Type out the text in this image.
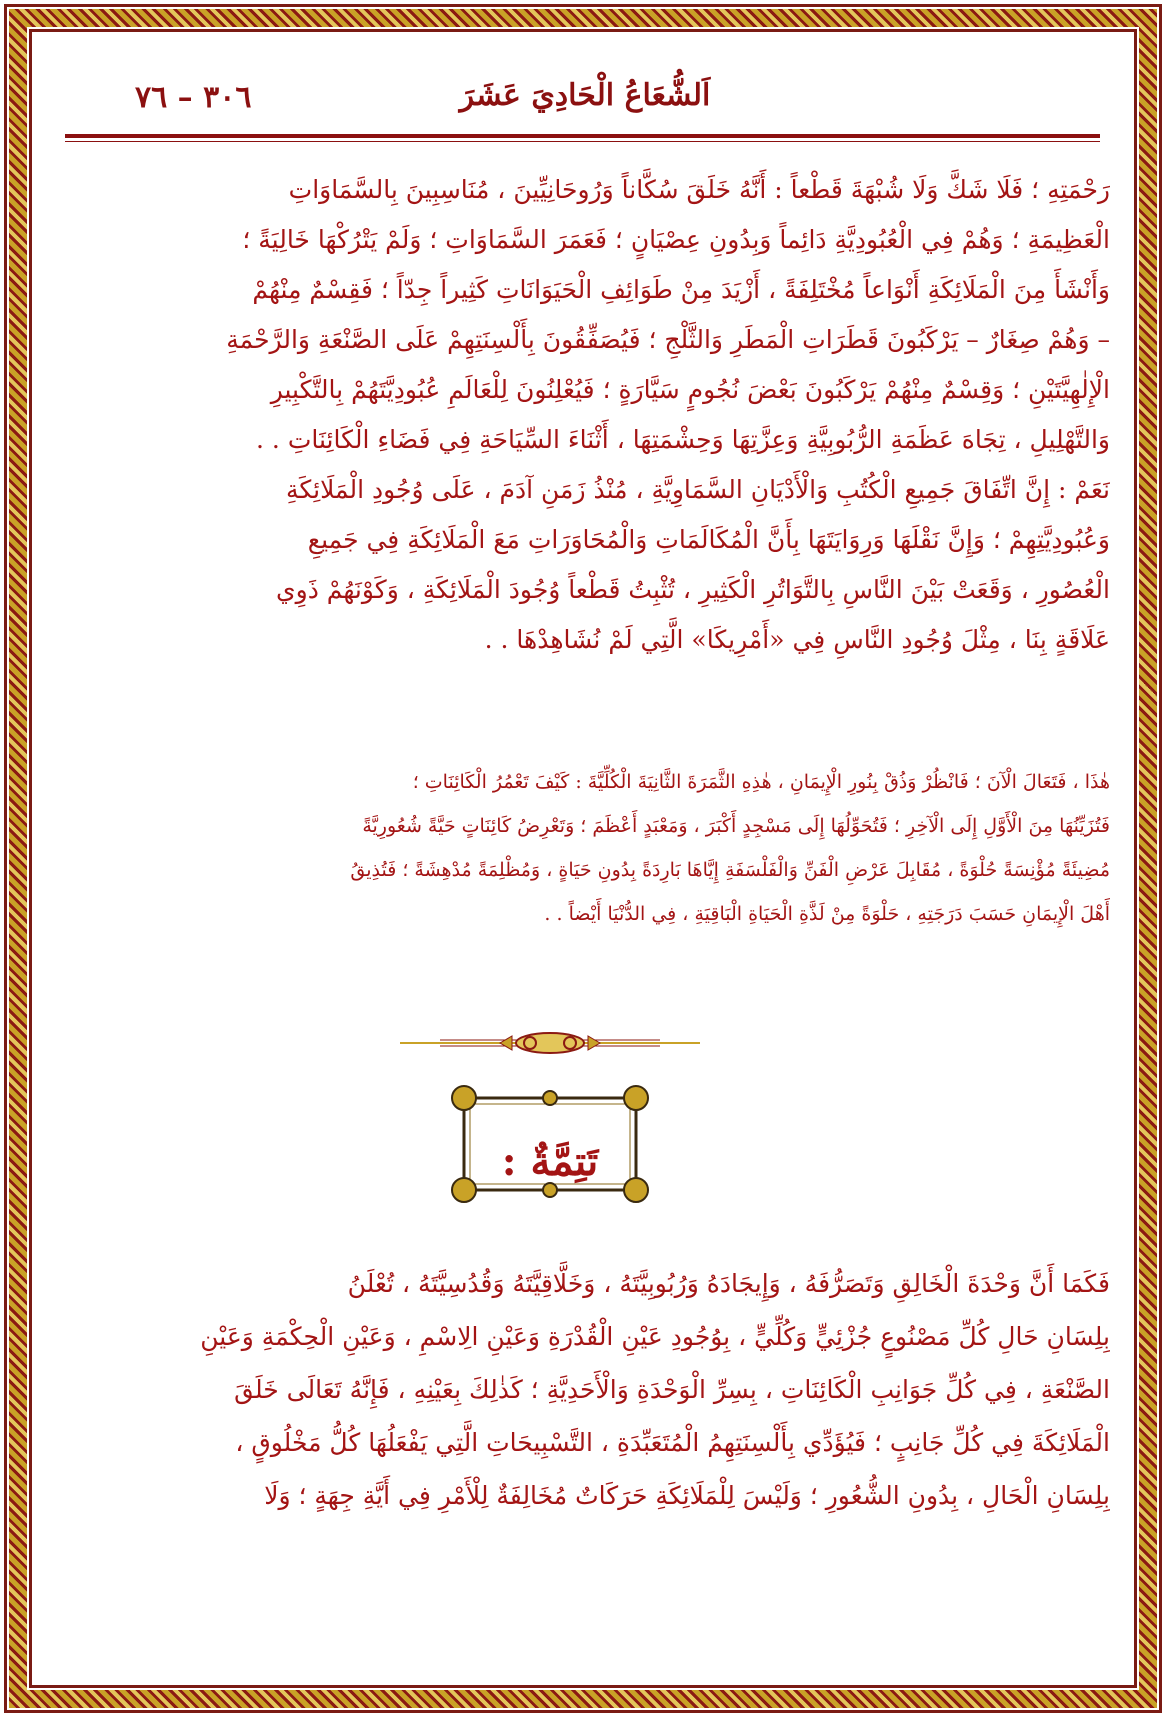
اَلشُّعَاعُ الْحَادِيَ عَشَرَ
٣٠٦ – ٧٦
رَحْمَتِهِ ؛ فَلَا شَكَّ وَلَا شُبْهَةَ قَطْعاً : أَنَّهُ خَلَقَ سُكَّاناً وَرُوحَانِيِّينَ ، مُنَاسِبِينَ بِالسَّمَاوَاتِ
الْعَظِيمَةِ ؛ وَهُمْ فِي الْعُبُودِيَّةِ دَائِماً وَبِدُونِ عِصْيَانٍ ؛ فَعَمَرَ السَّمَاوَاتِ ؛ وَلَمْ يَتْرُكْهَا خَالِيَةً ؛
وَأَنْشَأَ مِنَ الْمَلَائِكَةِ أَنْوَاعاً مُخْتَلِفَةً ، أَزْيَدَ مِنْ طَوَائِفِ الْحَيَوَانَاتِ كَثِيراً جِدّاً ؛ فَقِسْمٌ مِنْهُمْ
– وَهُمْ صِغَارٌ – يَرْكَبُونَ قَطَرَاتِ الْمَطَرِ وَالثَّلْجِ ؛ فَيُصَفِّقُونَ بِأَلْسِنَتِهِمْ عَلَى الصَّنْعَةِ وَالرَّحْمَةِ
الْإِلٰهِيَّتَيْنِ ؛ وَقِسْمٌ مِنْهُمْ يَرْكَبُونَ بَعْضَ نُجُومٍ سَيَّارَةٍ ؛ فَيُعْلِنُونَ لِلْعَالَمِ عُبُودِيَّتَهُمْ بِالتَّكْبِيرِ
وَالتَّهْلِيلِ ، تِجَاهَ عَظَمَةِ الرُّبُوبِيَّةِ وَعِزَّتِهَا وَحِشْمَتِهَا ، أَثْنَاءَ السِّيَاحَةِ فِي فَضَاءِ الْكَائِنَاتِ . .
نَعَمْ : إِنَّ اتِّفَاقَ جَمِيعِ الْكُتُبِ وَالْأَدْيَانِ السَّمَاوِيَّةِ ، مُنْذُ زَمَنِ آدَمَ ، عَلَى وُجُودِ الْمَلَائِكَةِ
وَعُبُودِيَّتِهِمْ ؛ وَإِنَّ نَقْلَهَا وَرِوَايَتَهَا بِأَنَّ الْمُكَالَمَاتِ وَالْمُحَاوَرَاتِ مَعَ الْمَلَائِكَةِ فِي جَمِيعِ
الْعُصُورِ ، وَقَعَتْ بَيْنَ النَّاسِ بِالتَّوَاتُرِ الْكَثِيرِ ، تُثْبِتُ قَطْعاً وُجُودَ الْمَلَائِكَةِ ، وَكَوْنَهُمْ ذَوِي
عَلَاقَةٍ بِنَا ، مِثْلَ وُجُودِ النَّاسِ فِي «أَمْرِيكَا» الَّتِي لَمْ نُشَاهِدْهَا . .
هٰذَا ، فَتَعَالَ الْآنَ ؛ فَانْظُرْ وَذُقْ بِنُورِ الْإِيمَانِ ، هٰذِهِ الثَّمَرَةَ الثَّانِيَةَ الْكُلِّيَّةَ : كَيْفَ تَعْمُرُ الْكَائِنَاتِ ؛
فَتُزَيِّنُهَا مِنَ الْأَوَّلِ إِلَى الْآخِرِ ؛ فَتُحَوِّلُهَا إِلَى مَسْجِدٍ أَكْبَرَ ، وَمَعْبَدٍ أَعْظَمَ ؛ وَتَعْرِضُ كَائِنَاتٍ حَيَّةً شُعُورِيَّةً
مُضِيئَةً مُؤْنِسَةً حُلْوَةً ، مُقَابِلَ عَرْضِ الْفَنِّ وَالْفَلْسَفَةِ إِيَّاهَا بَارِدَةً بِدُونِ حَيَاةٍ ، وَمُظْلِمَةً مُدْهِشَةً ؛ فَتُذِيقُ
أَهْلَ الْإِيمَانِ حَسَبَ دَرَجَتِهِ ، حَلْوَةً مِنْ لَذَّةِ الْحَيَاةِ الْبَاقِيَةِ ، فِي الدُّنْيَا أَيْضاً . .
تَتِمَّةٌ :
فَكَمَا أَنَّ وَحْدَةَ الْخَالِقِ وَتَصَرُّفَهُ ، وَإِيجَادَهُ وَرُبُوبِيَّتَهُ ، وَخَلَّاقِيَّتَهُ وَقُدُسِيَّتَهُ ، تُعْلَنُ
بِلِسَانِ حَالِ كُلِّ مَصْنُوعٍ جُزْئِيٍّ وَكُلِّيٍّ ، بِوُجُودِ عَيْنِ الْقُدْرَةِ وَعَيْنِ الِاسْمِ ، وَعَيْنِ الْحِكْمَةِ وَعَيْنِ
الصَّنْعَةِ ، فِي كُلِّ جَوَانِبِ الْكَائِنَاتِ ، بِسِرِّ الْوَحْدَةِ وَالْأَحَدِيَّةِ ؛ كَذٰلِكَ بِعَيْنِهِ ، فَإِنَّهُ تَعَالَى خَلَقَ
الْمَلَائِكَةَ فِي كُلِّ جَانِبٍ ؛ فَيُؤَدِّي بِأَلْسِنَتِهِمُ الْمُتَعَبِّدَةِ ، التَّسْبِيحَاتِ الَّتِي يَفْعَلُهَا كُلُّ مَخْلُوقٍ ،
بِلِسَانِ الْحَالِ ، بِدُونِ الشُّعُورِ ؛ وَلَيْسَ لِلْمَلَائِكَةِ حَرَكَاتٌ مُخَالِفَةٌ لِلْأَمْرِ فِي أَيَّةِ جِهَةٍ ؛ وَلَا
